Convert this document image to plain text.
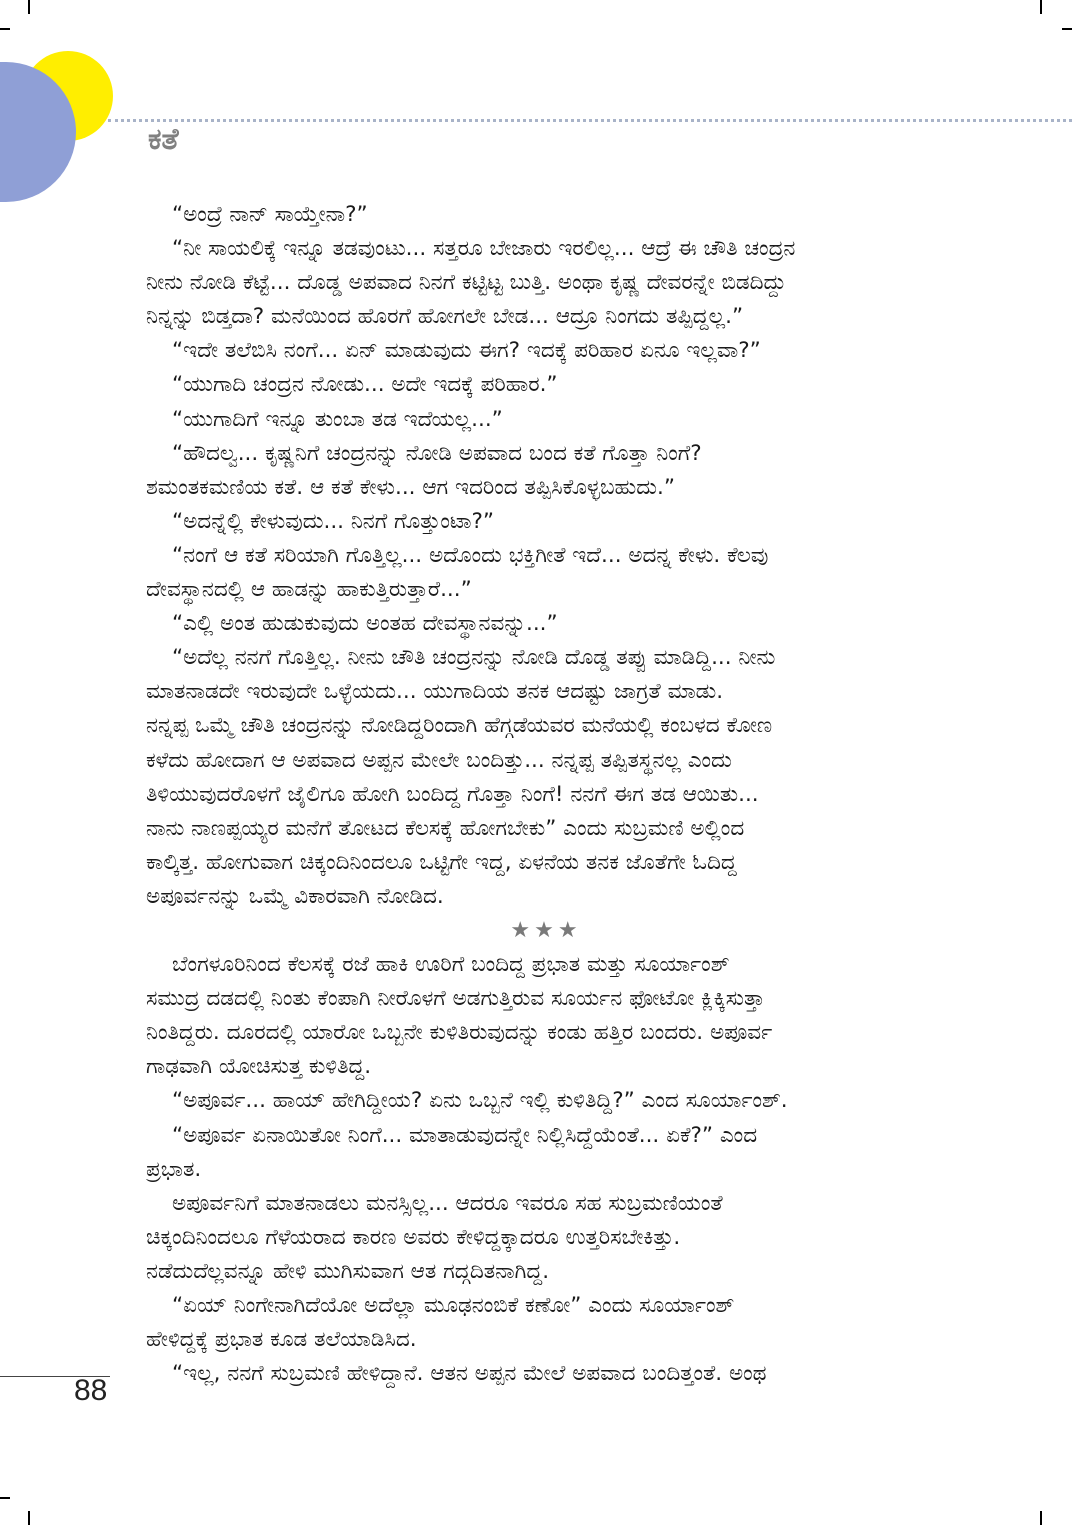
ಕತೆ
“ಅಂದ್ರೆ ನಾನ್ ಸಾಯ್ತೇನಾ?”
“ನೀ ಸಾಯಲಿಕ್ಕೆ ಇನ್ನೂ ತಡವುಂಟು... ಸತ್ತರೂ ಬೇಜಾರು ಇರಲಿಲ್ಲ... ಆದ್ರೆ ಈ ಚೌತಿ ಚಂದ್ರನ
ನೀನು ನೋಡಿ ಕೆಟ್ಟೆ... ದೊಡ್ಡ ಅಪವಾದ ನಿನಗೆ ಕಟ್ಟಿಟ್ಟ ಬುತ್ತಿ. ಅಂಥಾ ಕೃಷ್ಣ ದೇವರನ್ನೇ ಬಿಡದಿದ್ದು
ನಿನ್ನನ್ನು ಬಿಡ್ತದಾ? ಮನೆಯಿಂದ ಹೊರಗೆ ಹೋಗಲೇ ಬೇಡ... ಆದ್ರೂ ನಿಂಗದು ತಪ್ಪಿದ್ದಲ್ಲ.”
“ಇದೇ ತಲೆಬಿಸಿ ನಂಗೆ... ಏನ್ ಮಾಡುವುದು ಈಗ? ಇದಕ್ಕೆ ಪರಿಹಾರ ಏನೂ ಇಲ್ಲವಾ?”
“ಯುಗಾದಿ ಚಂದ್ರನ ನೋಡು... ಅದೇ ಇದಕ್ಕೆ ಪರಿಹಾರ.”
“ಯುಗಾದಿಗೆ ಇನ್ನೂ ತುಂಬಾ ತಡ ಇದೆಯಲ್ಲ...”
“ಹೌದಲ್ವ... ಕೃಷ್ಣನಿಗೆ ಚಂದ್ರನನ್ನು ನೋಡಿ ಅಪವಾದ ಬಂದ ಕತೆ ಗೊತ್ತಾ ನಿಂಗೆ?
ಶಮಂತಕಮಣಿಯ ಕತೆ. ಆ ಕತೆ ಕೇಳು... ಆಗ ಇದರಿಂದ ತಪ್ಪಿಸಿಕೊಳ್ಳಬಹುದು.”
“ಅದನ್ನೆಲ್ಲಿ ಕೇಳುವುದು... ನಿನಗೆ ಗೊತ್ತುಂಟಾ?”
“ನಂಗೆ ಆ ಕತೆ ಸರಿಯಾಗಿ ಗೊತ್ತಿಲ್ಲ... ಅದೊಂದು ಭಕ್ತಿಗೀತೆ ಇದೆ... ಅದನ್ನ ಕೇಳು. ಕೆಲವು
ದೇವಸ್ಥಾನದಲ್ಲಿ ಆ ಹಾಡನ್ನು ಹಾಕುತ್ತಿರುತ್ತಾರೆ...”
“ಎಲ್ಲಿ ಅಂತ ಹುಡುಕುವುದು ಅಂತಹ ದೇವಸ್ಥಾನವನ್ನು...”
“ಅದೆಲ್ಲ ನನಗೆ ಗೊತ್ತಿಲ್ಲ. ನೀನು ಚೌತಿ ಚಂದ್ರನನ್ನು ನೋಡಿ ದೊಡ್ಡ ತಪ್ಪು ಮಾಡಿದ್ದಿ... ನೀನು
ಮಾತನಾಡದೇ ಇರುವುದೇ ಒಳ್ಳೆಯದು... ಯುಗಾದಿಯ ತನಕ ಆದಷ್ಟು ಜಾಗ್ರತೆ ಮಾಡು.
ನನ್ನಪ್ಪ ಒಮ್ಮೆ ಚೌತಿ ಚಂದ್ರನನ್ನು ನೋಡಿದ್ದರಿಂದಾಗಿ ಹೆಗ್ಗಡೆಯವರ ಮನೆಯಲ್ಲಿ ಕಂಬಳದ ಕೋಣ
ಕಳೆದು ಹೋದಾಗ ಆ ಅಪವಾದ ಅಪ್ಪನ ಮೇಲೇ ಬಂದಿತ್ತು... ನನ್ನಪ್ಪ ತಪ್ಪಿತಸ್ಥನಲ್ಲ ಎಂದು
ತಿಳಿಯುವುದರೊಳಗೆ ಜೈಲಿಗೂ ಹೋಗಿ ಬಂದಿದ್ದ ಗೊತ್ತಾ ನಿಂಗೆ! ನನಗೆ ಈಗ ತಡ ಆಯಿತು...
ನಾನು ನಾಣಪ್ಪಯ್ಯರ ಮನೆಗೆ ತೋಟದ ಕೆಲಸಕ್ಕೆ ಹೋಗಬೇಕು” ಎಂದು ಸುಬ್ರಮಣಿ ಅಲ್ಲಿಂದ
ಕಾಲ್ಕಿತ್ತ. ಹೋಗುವಾಗ ಚಿಕ್ಕಂದಿನಿಂದಲೂ ಒಟ್ಟಿಗೇ ಇದ್ದ, ಏಳನೆಯ ತನಕ ಜೊತೆಗೇ ಓದಿದ್ದ
ಅಪೂರ್ವನನ್ನು ಒಮ್ಮೆ ವಿಕಾರವಾಗಿ ನೋಡಿದ.
★★★
ಬೆಂಗಳೂರಿನಿಂದ ಕೆಲಸಕ್ಕೆ ರಜೆ ಹಾಕಿ ಊರಿಗೆ ಬಂದಿದ್ದ ಪ್ರಭಾತ ಮತ್ತು ಸೂರ್ಯಾಂಶ್
ಸಮುದ್ರ ದಡದಲ್ಲಿ ನಿಂತು ಕೆಂಪಾಗಿ ನೀರೊಳಗೆ ಅಡಗುತ್ತಿರುವ ಸೂರ್ಯನ ಫೋಟೋ ಕ್ಲಿಕ್ಕಿಸುತ್ತಾ
ನಿಂತಿದ್ದರು. ದೂರದಲ್ಲಿ ಯಾರೋ ಒಬ್ಬನೇ ಕುಳಿತಿರುವುದನ್ನು ಕಂಡು ಹತ್ತಿರ ಬಂದರು. ಅಪೂರ್ವ
ಗಾಢವಾಗಿ ಯೋಚಿಸುತ್ತ ಕುಳಿತಿದ್ದ.
“ಅಪೂರ್ವ... ಹಾಯ್ ಹೇಗಿದ್ದೀಯ? ಏನು ಒಬ್ಬನೆ ಇಲ್ಲಿ ಕುಳಿತಿದ್ದಿ?” ಎಂದ ಸೂರ್ಯಾಂಶ್.
“ಅಪೂರ್ವ ಏನಾಯಿತೋ ನಿಂಗೆ... ಮಾತಾಡುವುದನ್ನೇ ನಿಲ್ಲಿಸಿದ್ದೆಯೆಂತೆ... ಏಕೆ?” ಎಂದ
ಪ್ರಭಾತ.
ಅಪೂರ್ವನಿಗೆ ಮಾತನಾಡಲು ಮನಸ್ಸಿಲ್ಲ... ಆದರೂ ಇವರೂ ಸಹ ಸುಬ್ರಮಣಿಯಂತೆ
ಚಿಕ್ಕಂದಿನಿಂದಲೂ ಗೆಳೆಯರಾದ ಕಾರಣ ಅವರು ಕೇಳಿದ್ದಕ್ಕಾದರೂ ಉತ್ತರಿಸಬೇಕಿತ್ತು.
ನಡೆದುದೆಲ್ಲವನ್ನೂ ಹೇಳಿ ಮುಗಿಸುವಾಗ ಆತ ಗದ್ಗದಿತನಾಗಿದ್ದ.
“ಏಯ್ ನಿಂಗೇನಾಗಿದೆಯೋ ಅದೆಲ್ಲಾ ಮೂಢನಂಬಿಕೆ ಕಣೋ” ಎಂದು ಸೂರ್ಯಾಂಶ್
ಹೇಳಿದ್ದಕ್ಕೆ ಪ್ರಭಾತ ಕೂಡ ತಲೆಯಾಡಿಸಿದ.
“ಇಲ್ಲ, ನನಗೆ ಸುಬ್ರಮಣಿ ಹೇಳಿದ್ದಾನೆ. ಆತನ ಅಪ್ಪನ ಮೇಲೆ ಅಪವಾದ ಬಂದಿತ್ತಂತೆ. ಅಂಥ
88
